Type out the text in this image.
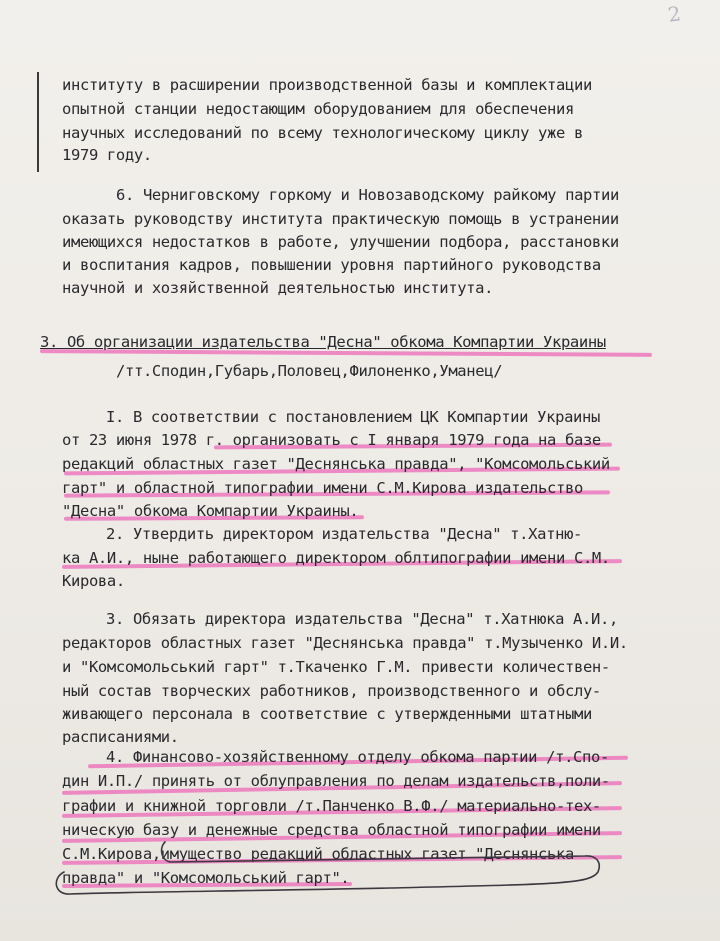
2
институту в расширении производственной базы и комплектации
опытной станции недостающим оборудованием для обеспечения
научных исследований по всему технологическому циклу уже в
1979 году.
6. Черниговскому горкому и Новозаводскому райкому партии
оказать руководству института практическую помощь в устранении
имеющихся недостатков в работе, улучшении подбора, расстановки
и воспитания кадров, повышении уровня партийного руководства
научной и хозяйственной деятельностью института.
3. Об организации издательства "Десна" обкома Компартии Украины
/тт.Сподин,Губарь,Половец,Филоненко,Уманец/
I. В соответствии с постановлением ЦК Компартии Украины
от 23 июня 1978 г. организовать с I января 1979 года на базе
редакций областных газет "Деснянська правда", "Комсомольський
гарт" и областной типографии имени С.М.Кирова издательство
"Десна" обкома Компартии Украины.
2. Утвердить директором издательства "Десна" т.Хатню-
ка А.И., ныне работающего директором облтипографии имени С.М.
Кирова.
3. Обязать директора издательства "Десна" т.Хатнюка А.И.,
редакторов областных газет "Деснянська правда" т.Музыченко И.И.
и "Комсомольський гарт" т.Ткаченко Г.М. привести количествен-
ный состав творческих работников, производственного и обслу-
живающего персонала в соответствие с утвержденными штатными
расписаниями.
4. Финансово-хозяйственному отделу обкома партии /т.Спо-
дин И.П./ принять от облуправления по делам издательств,поли-
графии и книжной торговли /т.Панченко В.Ф./ материально-тех-
ническую базу и денежные средства областной типографии имени
С.М.Кирова,имущество редакций областных газет "Деснянська
правда" и "Комсомольський гарт".
